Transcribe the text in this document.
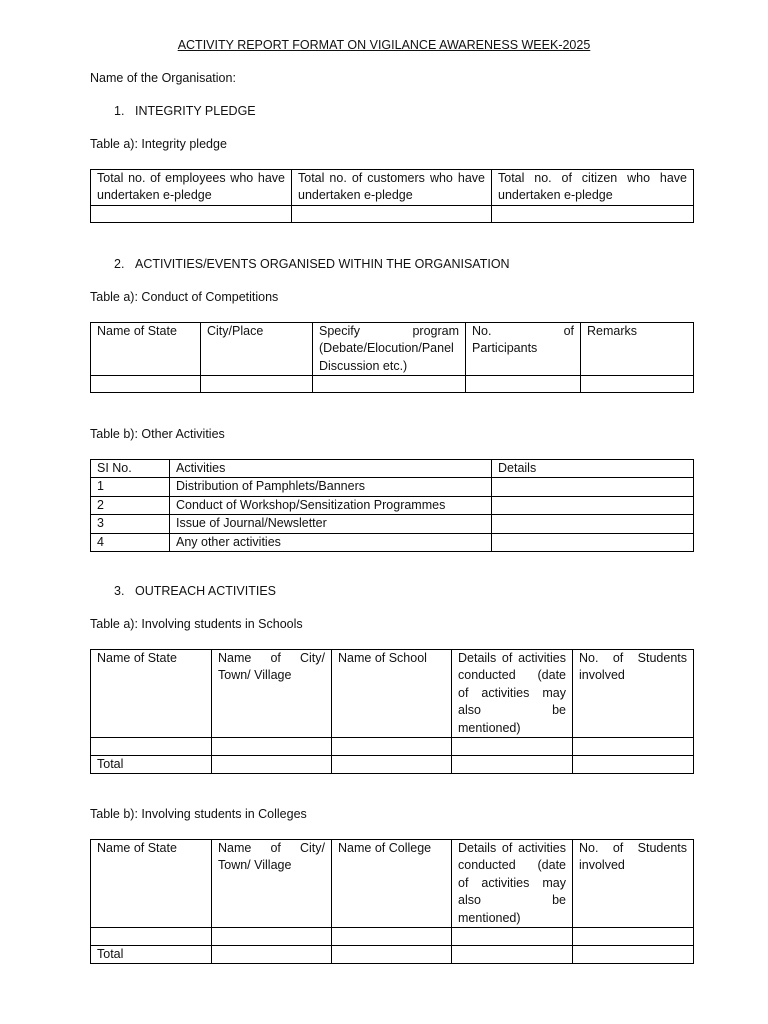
ACTIVITY REPORT FORMAT ON VIGILANCE AWARENESS WEEK-2025
Name of the Organisation:
1. INTEGRITY PLEDGE
Table a): Integrity pledge
Total no. of employees who have
undertaken e-pledge	Total no. of customers who have
undertaken e-pledge	Total no. of citizen who have
undertaken e-pledge

2. ACTIVITIES/EVENTS ORGANISED WITHIN THE ORGANISATION
Table a): Conduct of Competitions
Name of State	City/Place	Specify program
(Debate/Elocution/Panel
Discussion etc.)	No. of
Participants	Remarks

Table b): Other Activities
SI No.	Activities	Details
1	Distribution of Pamphlets/Banners	
2	Conduct of Workshop/Sensitization Programmes	
3	Issue of Journal/Newsletter	
4	Any other activities	
3. OUTREACH ACTIVITIES
Table a): Involving students in Schools
Name of State	Name of City/
Town/ Village	Name of School	Details of activities
conducted (date
of activities may
also be
mentioned)	No. of Students
involved

Total				
Table b): Involving students in Colleges
Name of State	Name of City/
Town/ Village	Name of College	Details of activities
conducted (date
of activities may
also be
mentioned)	No. of Students
involved

Total				
